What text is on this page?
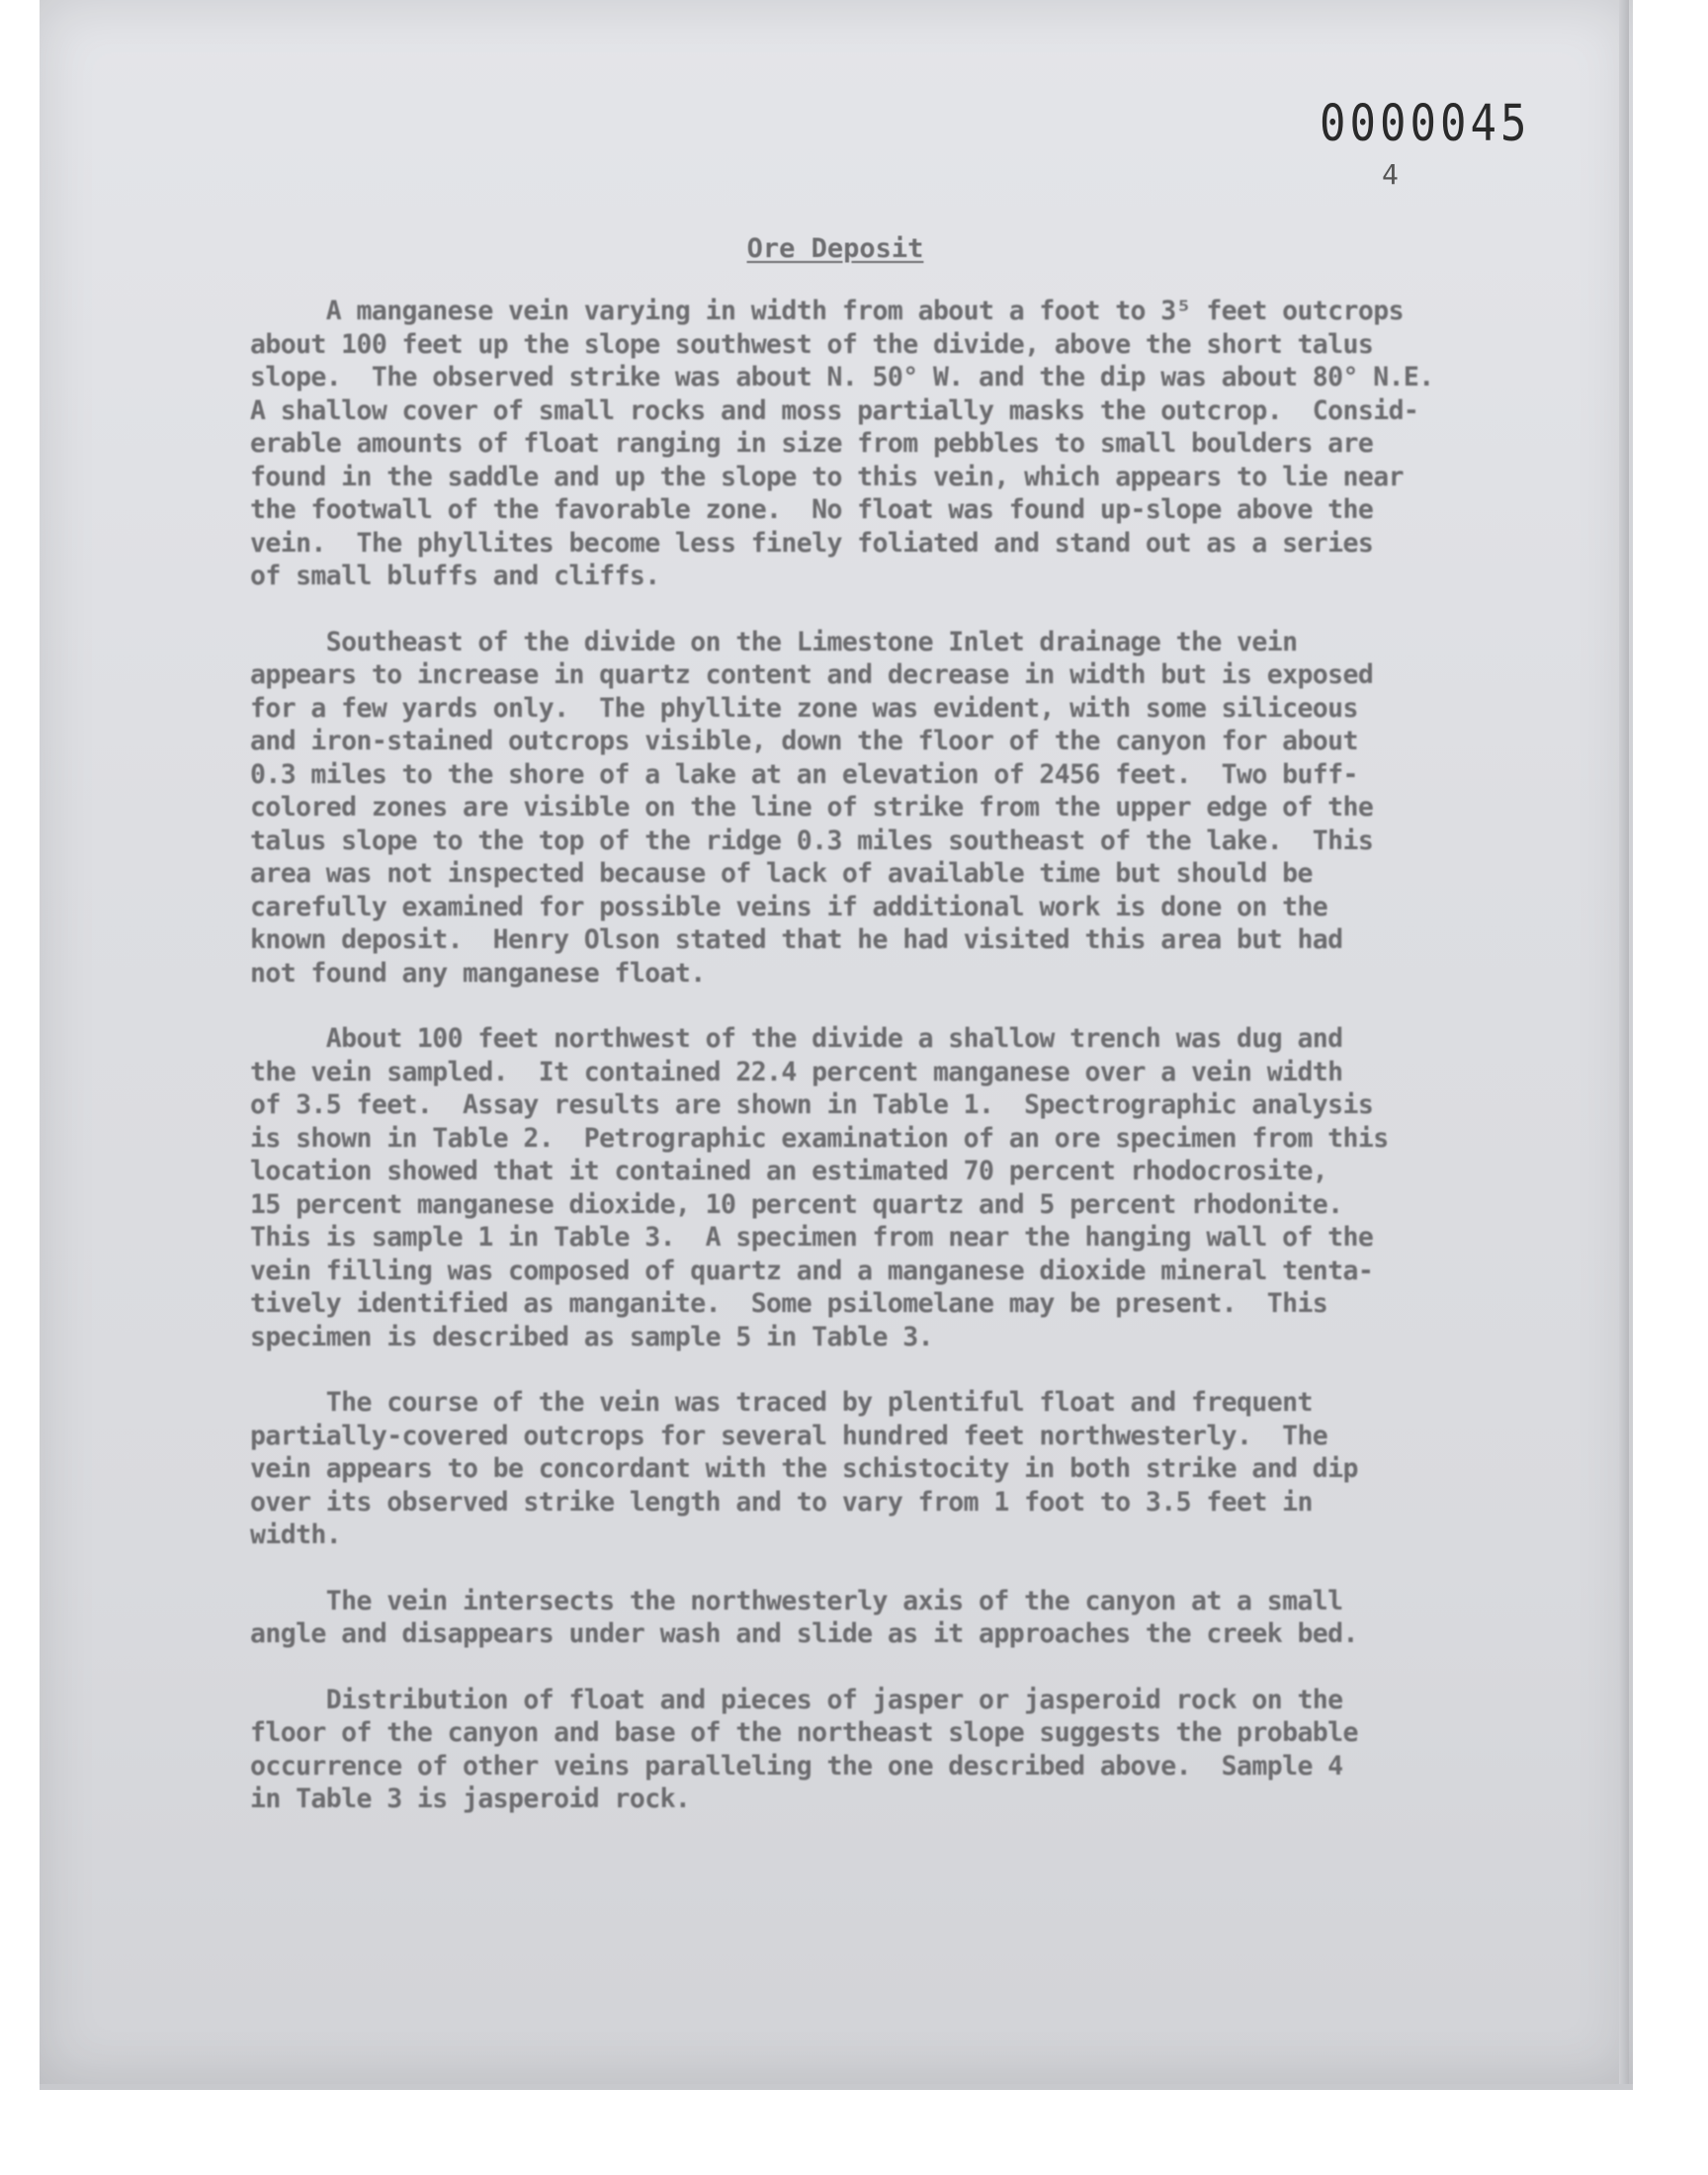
0000045
4
Ore Deposit
A manganese vein varying in width from about a foot to 3⁵ feet outcrops
about 100 feet up the slope southwest of the divide, above the short talus
slope.  The observed strike was about N. 50° W. and the dip was about 80° N.E.
A shallow cover of small rocks and moss partially masks the outcrop.  Consid-
erable amounts of float ranging in size from pebbles to small boulders are
found in the saddle and up the slope to this vein, which appears to lie near
the footwall of the favorable zone.  No float was found up-slope above the
vein.  The phyllites become less finely foliated and stand out as a series
of small bluffs and cliffs.
Southeast of the divide on the Limestone Inlet drainage the vein
appears to increase in quartz content and decrease in width but is exposed
for a few yards only.  The phyllite zone was evident, with some siliceous
and iron-stained outcrops visible, down the floor of the canyon for about
0.3 miles to the shore of a lake at an elevation of 2456 feet.  Two buff-
colored zones are visible on the line of strike from the upper edge of the
talus slope to the top of the ridge 0.3 miles southeast of the lake.  This
area was not inspected because of lack of available time but should be
carefully examined for possible veins if additional work is done on the
known deposit.  Henry Olson stated that he had visited this area but had
not found any manganese float.
About 100 feet northwest of the divide a shallow trench was dug and
the vein sampled.  It contained 22.4 percent manganese over a vein width
of 3.5 feet.  Assay results are shown in Table 1.  Spectrographic analysis
is shown in Table 2.  Petrographic examination of an ore specimen from this
location showed that it contained an estimated 70 percent rhodocrosite,
15 percent manganese dioxide, 10 percent quartz and 5 percent rhodonite.
This is sample 1 in Table 3.  A specimen from near the hanging wall of the
vein filling was composed of quartz and a manganese dioxide mineral tenta-
tively identified as manganite.  Some psilomelane may be present.  This
specimen is described as sample 5 in Table 3.
The course of the vein was traced by plentiful float and frequent
partially-covered outcrops for several hundred feet northwesterly.  The
vein appears to be concordant with the schistocity in both strike and dip
over its observed strike length and to vary from 1 foot to 3.5 feet in
width.
The vein intersects the northwesterly axis of the canyon at a small
angle and disappears under wash and slide as it approaches the creek bed.
Distribution of float and pieces of jasper or jasperoid rock on the
floor of the canyon and base of the northeast slope suggests the probable
occurrence of other veins paralleling the one described above.  Sample 4
in Table 3 is jasperoid rock.
